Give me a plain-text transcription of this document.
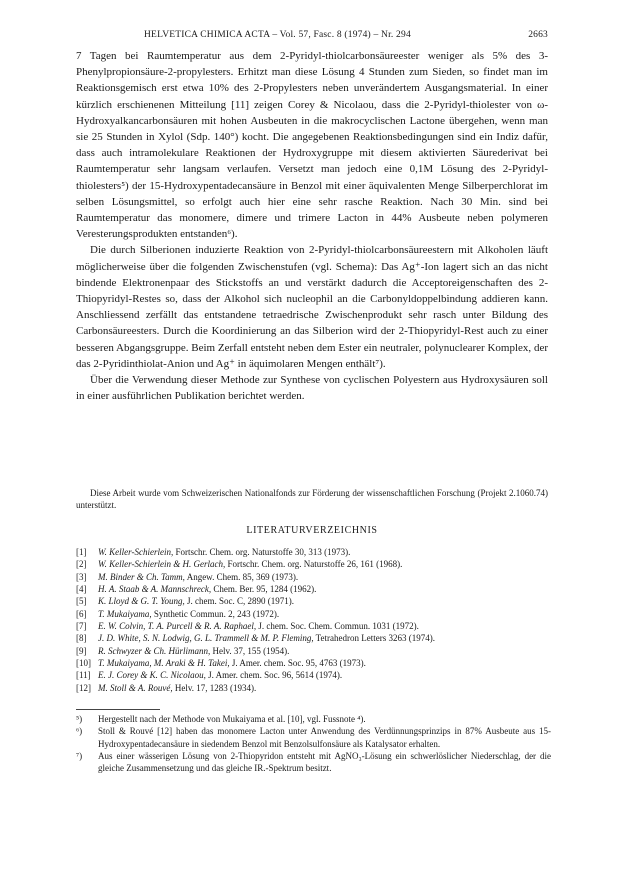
HELVETICA CHIMICA ACTA – Vol. 57, Fasc. 8 (1974) – Nr. 294	2663

7 Tagen bei Raumtemperatur aus dem 2-Pyridyl-thiolcarbonsäureester weniger als 5% des 3-Phenylpropionsäure-2-propylesters. Erhitzt man diese Lösung 4 Stunden zum Sieden, so findet man im Reaktionsgemisch erst etwa 10% des 2-Propylesters neben unverändertem Ausgangsmaterial. In einer kürzlich erschienenen Mitteilung [11] zeigen Corey & Nicolaou, dass die 2-Pyridyl-thiolester von ω-Hydroxyalkancarbonsäuren mit hohen Ausbeuten in die makrocyclischen Lactone übergehen, wenn man sie 25 Stunden in Xylol (Sdp. 140°) kocht. Die angegebenen Reaktionsbedingungen sind ein Indiz dafür, dass auch intramolekulare Reaktionen der Hydroxygruppe mit diesem aktivierten Säurederivat bei Raumtemperatur sehr langsam verlaufen. Versetzt man jedoch eine 0,1M Lösung des 2-Pyridyl-thiolesters⁵) der 15-Hydroxypentadecansäure in Benzol mit einer äquivalenten Menge Silberperchlorat im selben Lösungsmittel, so erfolgt auch hier eine sehr rasche Reaktion. Nach 30 Min. sind bei Raumtemperatur das monomere, dimere und trimere Lacton in 44% Ausbeute neben polymeren Veresterungsprodukten entstanden⁶).

Die durch Silberionen induzierte Reaktion von 2-Pyridyl-thiolcarbonsäureestern mit Alkoholen läuft möglicherweise über die folgenden Zwischenstufen (vgl. Schema): Das Ag⁺-Ion lagert sich an das nicht bindende Elektronenpaar des Stickstoffs an und verstärkt dadurch die Acceptoreigenschaften des 2-Thiopyridyl-Restes so, dass der Alkohol sich nucleophil an die Carbonyldoppelbindung addieren kann. Anschliessend zerfällt das entstandene tetraedrische Zwischenprodukt sehr rasch unter Bildung des Carbonsäureesters. Durch die Koordinierung an das Silberion wird der 2-Thiopyridyl-Rest auch zu einer besseren Abgangsgruppe. Beim Zerfall entsteht neben dem Ester ein neutraler, polynuclearer Komplex, der das 2-Pyridinthiolat-Anion und Ag⁺ in äquimolaren Mengen enthält⁷).

Über die Verwendung dieser Methode zur Synthese von cyclischen Polyestern aus Hydroxysäuren soll in einer ausführlichen Publikation berichtet werden.

Diese Arbeit wurde vom Schweizerischen Nationalfonds zur Förderung der wissenschaftlichen Forschung (Projekt 2.1060.74) unterstützt.
LITERATURVERZEICHNIS
[1]	W. Keller-Schierlein, Fortschr. Chem. org. Naturstoffe 30, 313 (1973).
[2]	W. Keller-Schierlein & H. Gerlach, Fortschr. Chem. org. Naturstoffe 26, 161 (1968).
[3]	M. Binder & Ch. Tamm, Angew. Chem. 85, 369 (1973).
[4]	H. A. Staab & A. Mannschreck, Chem. Ber. 95, 1284 (1962).
[5]	K. Lloyd & G. T. Young, J. chem. Soc. C, 2890 (1971).
[6]	T. Mukaiyama, Synthetic Commun. 2, 243 (1972).
[7]	E. W. Colvin, T. A. Purcell & R. A. Raphael, J. chem. Soc. Chem. Commun. 1031 (1972).
[8]	J. D. White, S. N. Lodwig, G. L. Trammell & M. P. Fleming, Tetrahedron Letters 3263 (1974).
[9]	R. Schwyzer & Ch. Hürlimann, Helv. 37, 155 (1954).
[10] T. Mukaiyama, M. Araki & H. Takei, J. Amer. chem. Soc. 95, 4763 (1973).
[11] E. J. Corey & K. C. Nicolaou, J. Amer. chem. Soc. 96, 5614 (1974).
[12] M. Stoll & A. Rouvé, Helv. 17, 1283 (1934).
⁵)	Hergestellt nach der Methode von Mukaiyama et al. [10], vgl. Fussnote ⁴).
⁶)	Stoll & Rouvé [12] haben das monomere Lacton unter Anwendung des Verdünnungsprinzips in 87% Ausbeute aus 15-Hydroxypentadecansäure in siedendem Benzol mit Benzolsulfonsäure als Katalysator erhalten.
⁷)	Aus einer wässerigen Lösung von 2-Thiopyridon entsteht mit AgNO₃-Lösung ein schwerlöslicher Niederschlag, der die gleiche Zusammensetzung und das gleiche IR.-Spektrum besitzt.
